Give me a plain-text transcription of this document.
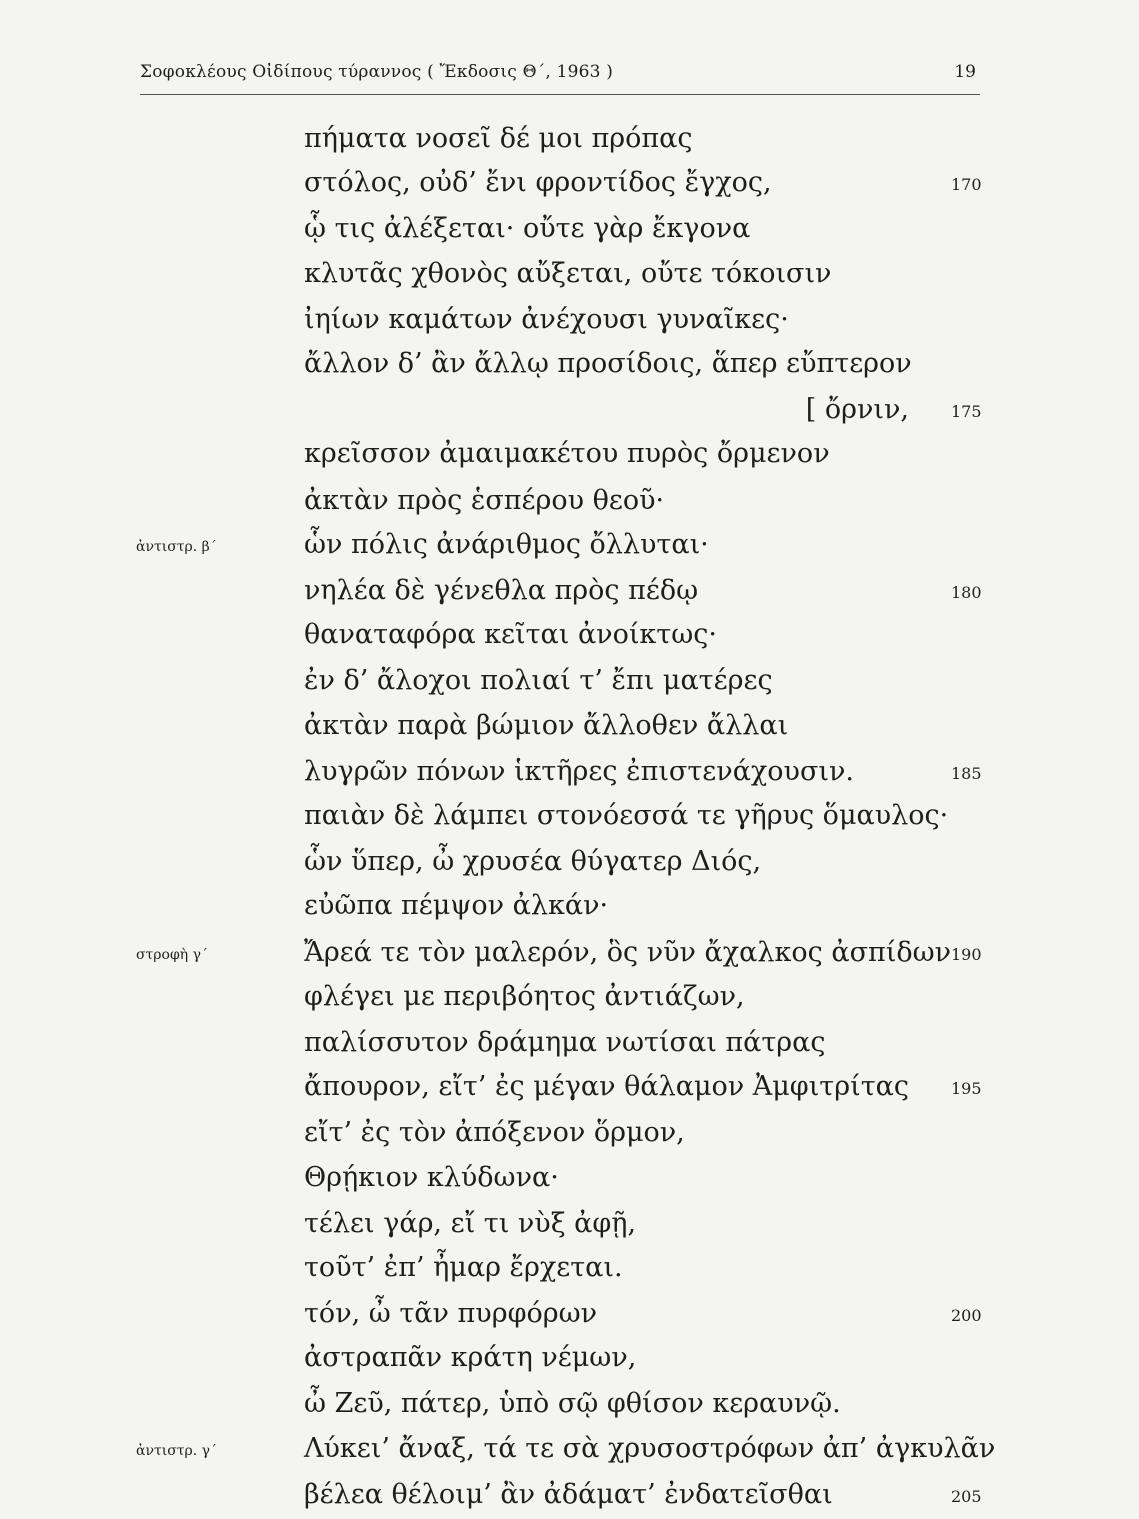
Σοφοκλέους Οἰδίπους τύραννος ( Ἔκδοσις Θ΄, 1963 )	19
πήματα νοσεῖ δέ μοι πρόπας
στόλος, οὐδ’ ἔνι φροντίδος ἔγχος,	170
ᾧ τις ἀλέξεται· οὔτε γὰρ ἔκγονα
κλυτᾶς χθονὸς αὔξεται, οὔτε τόκοισιν
ἰηίων καμάτων ἀνέχουσι γυναῖκες·
ἄλλον δ’ ἂν ἄλλῳ προσίδοις, ἅπερ εὔπτερον
[ ὄρνιν,	175
κρεῖσσον ἀμαιμακέτου πυρὸς ὄρμενον
ἀκτὰν πρὸς ἑσπέρου θεοῦ·
ὧν πόλις ἀνάριθμος ὄλλυται·
ἀντιστρ. β΄
νηλέα δὲ γένεθλα πρὸς πέδῳ	180
θαναταφόρα κεῖται ἀνοίκτως·
ἐν δ’ ἄλοχοι πολιαί τ’ ἔπι ματέρες
ἀκτὰν παρὰ βώμιον ἄλλοθεν ἄλλαι
λυγρῶν πόνων ἱκτῆρες ἐπιστενάχουσιν.	185
παιὰν δὲ λάμπει στονόεσσά τε γῆρυς ὅμαυλος·
ὧν ὕπερ, ὦ χρυσέα θύγατερ Διός,
εὐῶπα πέμψον ἀλκάν·
Ἄρεά τε τὸν μαλερόν, ὃς νῦν ἄχαλκος ἀσπίδων 190
στροφὴ γ΄
φλέγει με περιβόητος ἀντιάζων,
παλίσσυτον δράμημα νωτίσαι πάτρας
ἄπουρον, εἴτ’ ἐς μέγαν θάλαμον Ἀμφιτρίτας	195
εἴτ’ ἐς τὸν ἀπόξενον ὅρμον,
Θρῄκιον κλύδωνα·
τέλει γάρ, εἴ τι νὺξ ἀφῇ,
τοῦτ’ ἐπ’ ἦμαρ ἔρχεται.
τόν, ὦ τᾶν πυρφόρων	200
ἀστραπᾶν κράτη νέμων,
ὦ Ζεῦ, πάτερ, ὑπὸ σῷ φθίσον κεραυνῷ.
Λύκει’ ἄναξ, τά τε σὰ χρυσοστρόφων ἀπ’ ἀγκυλᾶν
ἀντιστρ. γ΄
βέλεα θέλοιμ’ ἂν ἀδάματ’ ἐνδατεῖσθαι	205
